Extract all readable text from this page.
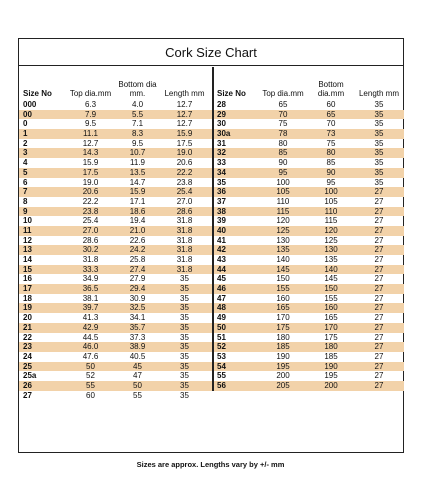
Cork Size Chart
Size No	Top dia.mm
Bottom dia mm.	Length mm
000	6.3	4.0	12.7
00	7.9	5.5	12.7
0	9.5	7.1	12.7
1	11.1	8.3	15.9
2	12.7	9.5	17.5
3	14.3	10.7	19.0
4	15.9	11.9	20.6
5	17.5	13.5	22.2
6	19.0	14.7	23.8
7	20.6	15.9	25.4
8	22.2	17.1	27.0
9	23.8	18.6	28.6
10	25.4	19.4	31.8
11	27.0	21.0	31.8
12	28.6	22.6	31.8
13	30.2	24.2	31.8
14	31.8	25.8	31.8
15	33.3	27.4	31.8
16	34.9	27.9	35
17	36.5	29.4	35
18	38.1	30.9	35
19	39.7	32.5	35
20	41.3	34.1	35
21	42.9	35.7	35
22	44.5	37.3	35
23	46.0	38.9	35
24	47.6	40.5	35
25	50	45	35
25a	52	47	35
26	55	50	35
27	60	55	35
Size No	Top dia.mm
Bottom dia.mm	Length mm
28	65	60	35
29	70	65	35
30	75	70	35
30a	78	73	35
31	80	75	35
32	85	80	35
33	90	85	35
34	95	90	35
35	100	95	35
36	105	100	27
37	110	105	27
38	115	110	27
39	120	115	27
40	125	120	27
41	130	125	27
42	135	130	27
43	140	135	27
44	145	140	27
45	150	145	27
46	155	150	27
47	160	155	27
48	165	160	27
49	170	165	27
50	175	170	27
51	180	175	27
52	185	180	27
53	190	185	27
54	195	190	27
55	200	195	27
56	205	200	27
Sizes are approx. Lengths vary by +/- mm
